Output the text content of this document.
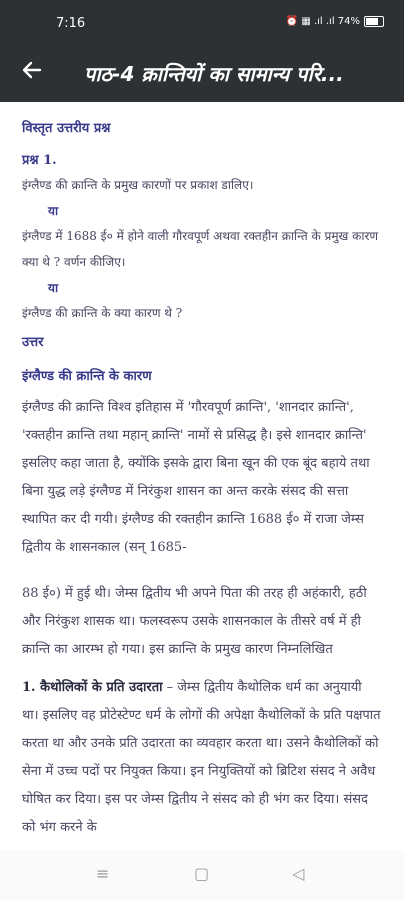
7:16	⏰ ▦ .ıl .ıl 74%
पाठ-4 क्रान्तियों का सामान्य परि...

विस्तृत उत्तरीय प्रश्न

प्रश्न 1.

इंग्लैण्ड की क्रान्ति के प्रमुख कारणों पर प्रकाश डालिए।

या

इंग्लैण्ड में 1688 ई० में होने वाली गौरवपूर्ण अथवा रक्तहीन क्रान्ति के प्रमुख कारण क्या थे ? वर्णन कीजिए।

या

इंग्लैण्ड की क्रान्ति के क्या कारण थे ?

उत्तर

इंग्लैण्ड की क्रान्ति के कारण

इंग्लैण्ड की क्रान्ति विश्व इतिहास में 'गौरवपूर्ण क्रान्ति', 'शानदार क्रान्ति', 'रक्तहीन क्रान्ति तथा महान् क्रान्ति' नामों से प्रसिद्ध है। इसे शानदार क्रान्ति' इसलिए कहा जाता है, क्योंकि इसके द्वारा बिना खून की एक बूंद बहाये तथा बिना युद्ध लड़े इंग्लैण्ड में निरंकुश शासन का अन्त करके संसद की सत्ता स्थापित कर दी गयी। इंग्लैण्ड की रक्तहीन क्रान्ति 1688 ई० में राजा जेम्स द्वितीय के शासनकाल (सन् 1685-

88 ई०) में हुई थी। जेम्स द्वितीय भी अपने पिता की तरह ही अहंकारी, हठी और निरंकुश शासक था। फलस्वरूप उसके शासनकाल के तीसरे वर्ष में ही क्रान्ति का आरम्भ हो गया। इस क्रान्ति के प्रमुख कारण निम्नलिखित

1. कैथोलिकों के प्रति उदारता – जेम्स द्वितीय कैथोलिक धर्म का अनुयायी था। इसलिए वह प्रोटेस्टेण्ट धर्म के लोगों की अपेक्षा कैथोलिकों के प्रति पक्षपात करता था और उनके प्रति उदारता का व्यवहार करता था। उसने कैथोलिकों को सेना में उच्च पदों पर नियुक्त किया। इन नियुक्तियों को ब्रिटिश संसद ने अवैध घोषित कर दिया। इस पर जेम्स द्वितीय ने संसद को ही भंग कर दिया। संसद को भंग करने के

≡	▢	◁
